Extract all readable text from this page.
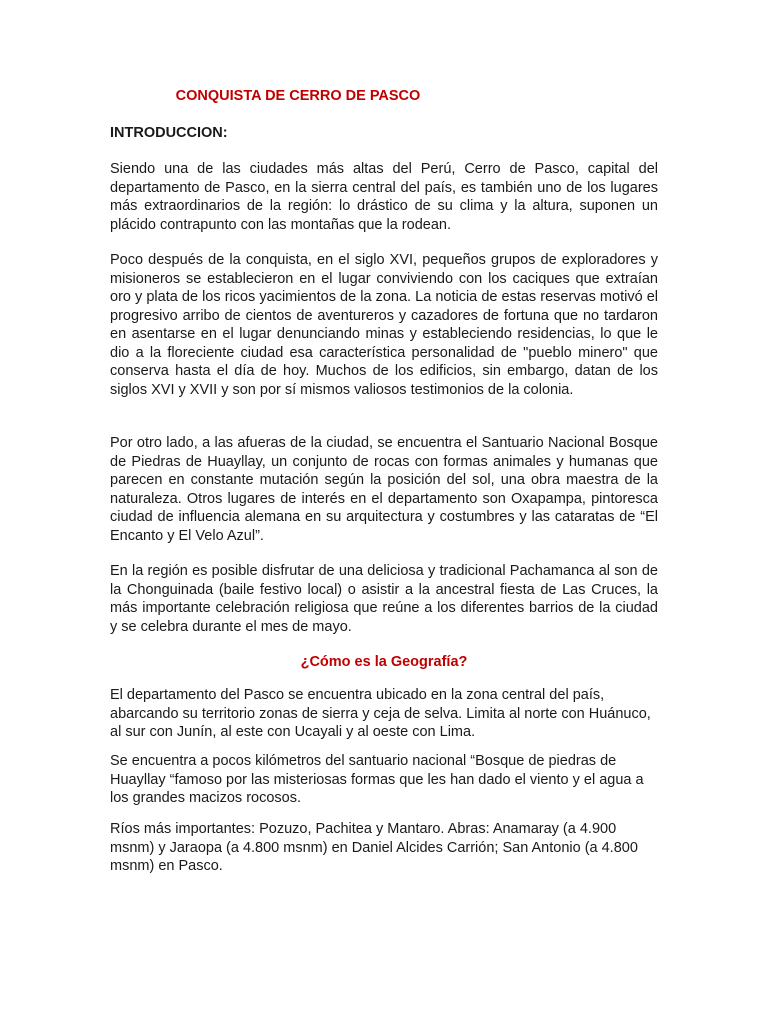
CONQUISTA DE CERRO DE PASCO
INTRODUCCION:

Siendo una de las ciudades más altas del Perú, Cerro de Pasco, capital del departamento de Pasco, en la sierra central del país, es también uno de los lugares más extraordinarios de la región: lo drástico de su clima y la altura, suponen un plácido contrapunto con las montañas que la rodean.

Poco después de la conquista, en el siglo XVI, pequeños grupos de exploradores y misioneros se establecieron en el lugar conviviendo con los caciques que extraían oro y plata de los ricos yacimientos de la zona. La noticia de estas reservas motivó el progresivo arribo de cientos de aventureros y cazadores de fortuna que no tardaron en asentarse en el lugar denunciando minas y estableciendo residencias, lo que le dio a la floreciente ciudad esa característica personalidad de "pueblo minero" que conserva hasta el día de hoy. Muchos de los edificios, sin embargo, datan de los siglos XVI y XVII y son por sí mismos valiosos testimonios de la colonia.

Por otro lado, a las afueras de la ciudad, se encuentra el Santuario Nacional Bosque de Piedras de Huayllay, un conjunto de rocas con formas animales y humanas que parecen en constante mutación según la posición del sol, una obra maestra de la naturaleza. Otros lugares de interés en el departamento son Oxapampa, pintoresca ciudad de influencia alemana en su arquitectura y costumbres y las cataratas de “El Encanto y El Velo Azul”.

En la región es posible disfrutar de una deliciosa y tradicional Pachamanca al son de la Chonguinada (baile festivo local) o asistir a la ancestral fiesta de Las Cruces, la más importante celebración religiosa que reúne a los diferentes barrios de la ciudad y se celebra durante el mes de mayo.

¿Cómo es la Geografía?

El departamento del Pasco se encuentra ubicado en la zona central del país, abarcando su territorio zonas de sierra y ceja de selva. Limita al norte con Huánuco, al sur con Junín, al este con Ucayali y al oeste con Lima.

Se encuentra a pocos kilómetros del santuario nacional “Bosque de piedras de Huayllay “famoso por las misteriosas formas que les han dado el viento y el agua a los grandes macizos rocosos.

Ríos más importantes: Pozuzo, Pachitea y Mantaro. Abras: Anamaray (a 4.900 msnm) y Jaraopa (a 4.800 msnm) en Daniel Alcides Carrión; San Antonio (a 4.800 msnm) en Pasco.
